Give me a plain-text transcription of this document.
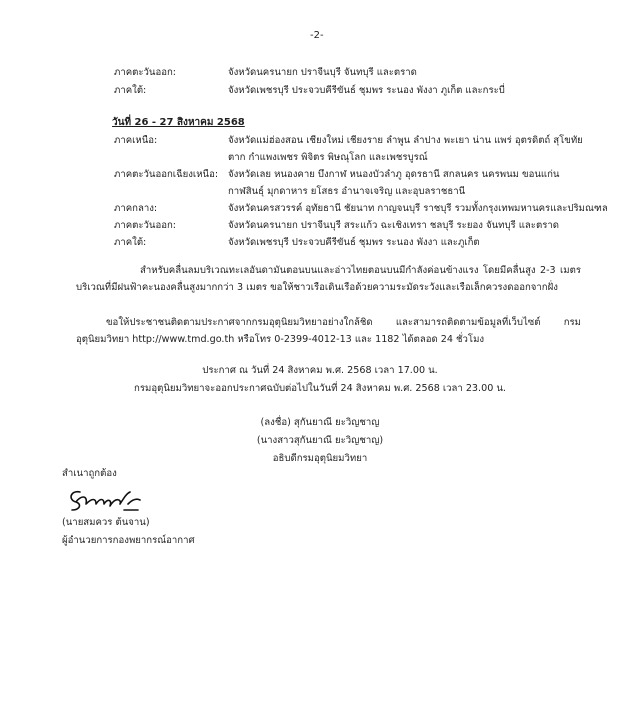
-2-
ภาคตะวันออก:	จังหวัดนครนายก ปราจีนบุรี จันทบุรี และตราด
ภาคใต้:	จังหวัดเพชรบุรี ประจวบคีรีขันธ์ ชุมพร ระนอง พังงา ภูเก็ต และกระบี่
วันที่ 26 - 27 สิงหาคม 2568
ภาคเหนือ:	จังหวัดแม่ฮ่องสอน เชียงใหม่ เชียงราย ลำพูน ลำปาง พะเยา น่าน แพร่ อุตรดิตถ์ สุโขทัย
ตาก กำแพงเพชร พิจิตร พิษณุโลก และเพชรบูรณ์
ภาคตะวันออกเฉียงเหนือ: จังหวัดเลย หนองคาย บึงกาฬ หนองบัวลำภู อุดรธานี สกลนคร นครพนม ขอนแก่น
กาฬสินธุ์ มุกดาหาร ยโสธร อำนาจเจริญ และอุบลราชธานี
ภาคกลาง:	จังหวัดนครสวรรค์ อุทัยธานี ชัยนาท กาญจนบุรี ราชบุรี รวมทั้งกรุงเทพมหานครและปริมณฑล
ภาคตะวันออก:	จังหวัดนครนายก ปราจีนบุรี สระแก้ว ฉะเชิงเทรา ชลบุรี ระยอง จันทบุรี และตราด
ภาคใต้:	จังหวัดเพชรบุรี ประจวบคีรีขันธ์ ชุมพร ระนอง พังงา และภูเก็ต
สำหรับคลื่นลมบริเวณทะเลอันดามันตอนบนและอ่าวไทยตอนบนมีกำลังค่อนข้างแรง โดยมีคลื่นสูง 2-3 เมตร บริเวณที่มีฝนฟ้าคะนองคลื่นสูงมากกว่า 3 เมตร ขอให้ชาวเรือเดินเรือด้วยความระมัดระวังและเรือเล็กควรงดออกจากฝั่ง
ขอให้ประชาชนติดตามประกาศจากกรมอุตุนิยมวิทยาอย่างใกล้ชิด และสามารถติดตามข้อมูลที่เว็บไซต์ กรมอุตุนิยมวิทยา http://www.tmd.go.th หรือโทร 0-2399-4012-13 และ 1182 ได้ตลอด 24 ชั่วโมง
ประกาศ ณ วันที่ 24 สิงหาคม พ.ศ. 2568 เวลา 17.00 น.
กรมอุตุนิยมวิทยาจะออกประกาศฉบับต่อไปในวันที่ 24 สิงหาคม พ.ศ. 2568 เวลา 23.00 น.
(ลงชื่อ) สุกันยาณี ยะวิญชาญ
(นางสาวสุกันยาณี ยะวิญชาญ)
อธิบดีกรมอุตุนิยมวิทยา
สำเนาถูกต้อง
(นายสมควร ต้นจาน)
ผู้อำนวยการกองพยากรณ์อากาศ
